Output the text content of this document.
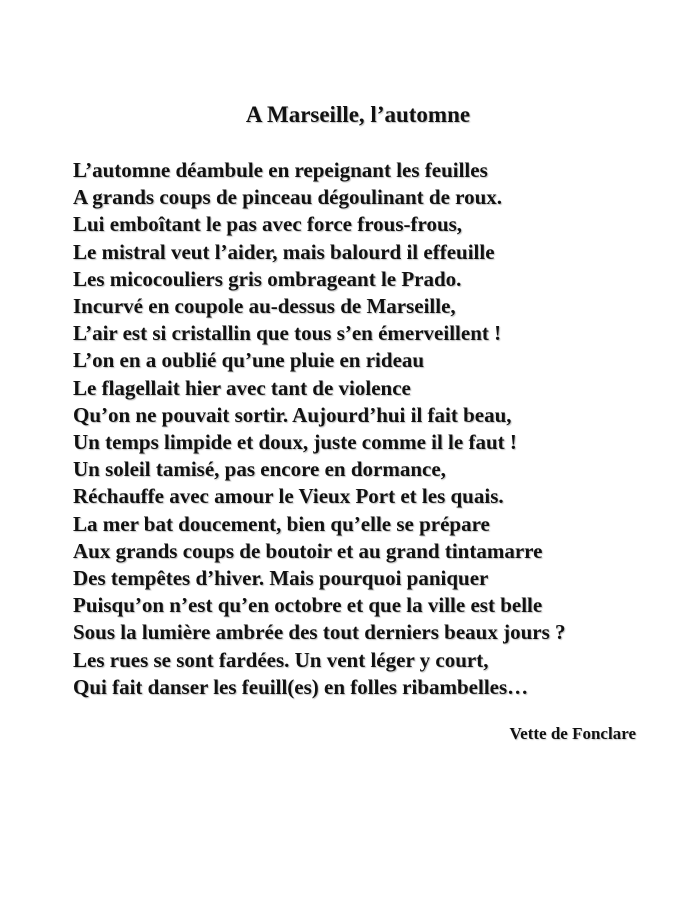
A Marseille, l’automne
L’automne déambule en repeignant les feuilles
A grands coups de pinceau dégoulinant de roux.
Lui emboîtant le pas avec force frous-frous,
Le mistral veut l’aider, mais balourd il effeuille
Les micocouliers gris ombrageant le Prado.
Incurvé en coupole au-dessus de Marseille,
L’air est si cristallin que tous s’en émerveillent !
L’on en a oublié qu’une pluie en rideau
Le flagellait hier avec tant de violence
Qu’on ne pouvait sortir. Aujourd’hui il fait beau,
Un temps limpide et doux, juste comme il le faut !
Un soleil tamisé, pas encore en dormance,
Réchauffe avec amour le Vieux Port et les quais.
La mer bat doucement, bien qu’elle se prépare
Aux grands coups de boutoir et au grand tintamarre
Des tempêtes d’hiver. Mais pourquoi paniquer
Puisqu’on n’est qu’en octobre et que la ville est belle
Sous la lumière ambrée des tout derniers beaux jours ?
Les rues se sont fardées. Un vent léger y court,
Qui fait danser les feuill(es) en folles ribambelles…
Vette de Fonclare
